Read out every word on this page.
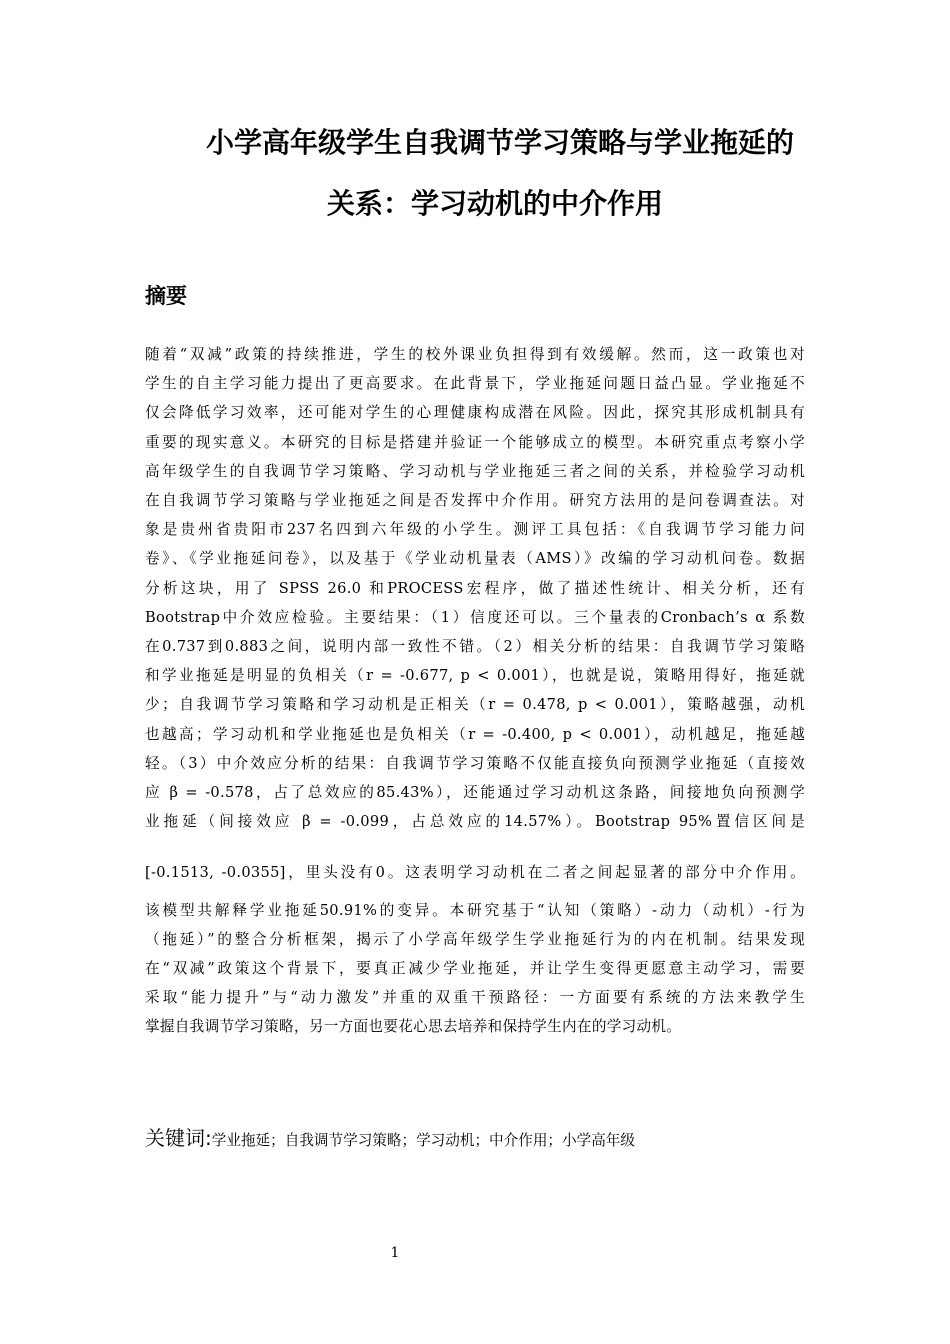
小学高年级学生自我调节学习策略与学业拖延的
关系：学习动机的中介作用
摘要

随着“双减”政策的持续推进，学生的校外课业负担得到有效缓解。然而，这一政策也对

学生的自主学习能力提出了更高要求。在此背景下，学业拖延问题日益凸显。学业拖延不

仅会降低学习效率，还可能对学生的心理健康构成潜在风险。因此，探究其形成机制具有

重要的现实意义。本研究的目标是搭建并验证一个能够成立的模型。本研究重点考察小学

高年级学生的自我调节学习策略、学习动机与学业拖延三者之间的关系，并检验学习动机

在自我调节学习策略与学业拖延之间是否发挥中介作用。研究方法用的是问卷调查法。对

象是贵州省贵阳市237名四到六年级的小学生。测评工具包括：《自我调节学习能力问

卷》、《学业拖延问卷》，以及基于《学业动机量表（AMS）》改编的学习动机问卷。数据

分析这块，用了 SPSS 26.0 和PROCESS宏程序，做了描述性统计、相关分析，还有

Bootstrap中介效应检验。主要结果：（1）信度还可以。三个量表的Cronbach’s α 系数

在0.737到0.883之间，说明内部一致性不错。（2）相关分析的结果：自我调节学习策略

和学业拖延是明显的负相关（r = -0.677, p < 0.001），也就是说，策略用得好，拖延就

少；自我调节学习策略和学习动机是正相关（r = 0.478, p < 0.001），策略越强，动机

也越高；学习动机和学业拖延也是负相关（r = -0.400, p < 0.001），动机越足，拖延越

轻。（3）中介效应分析的结果：自我调节学习策略不仅能直接负向预测学业拖延（直接效

应 β = -0.578，占了总效应的85.43%），还能通过学习动机这条路，间接地负向预测学

业拖延（间接效应 β = -0.099，占总效应的14.57%）。Bootstrap 95%置信区间是

[-0.1513, -0.0355]，里头没有0。这表明学习动机在二者之间起显著的部分中介作用。

该模型共解释学业拖延50.91%的变异。本研究基于“认知（策略）-动力（动机）-行为

（拖延）”的整合分析框架，揭示了小学高年级学生学业拖延行为的内在机制。结果发现

在“双减”政策这个背景下，要真正减少学业拖延，并让学生变得更愿意主动学习，需要

采取“能力提升”与“动力激发”并重的双重干预路径：一方面要有系统的方法来教学生

掌握自我调节学习策略，另一方面也要花心思去培养和保持学生内在的学习动机。

关键词:学业拖延；自我调节学习策略；学习动机；中介作用；小学高年级
1
